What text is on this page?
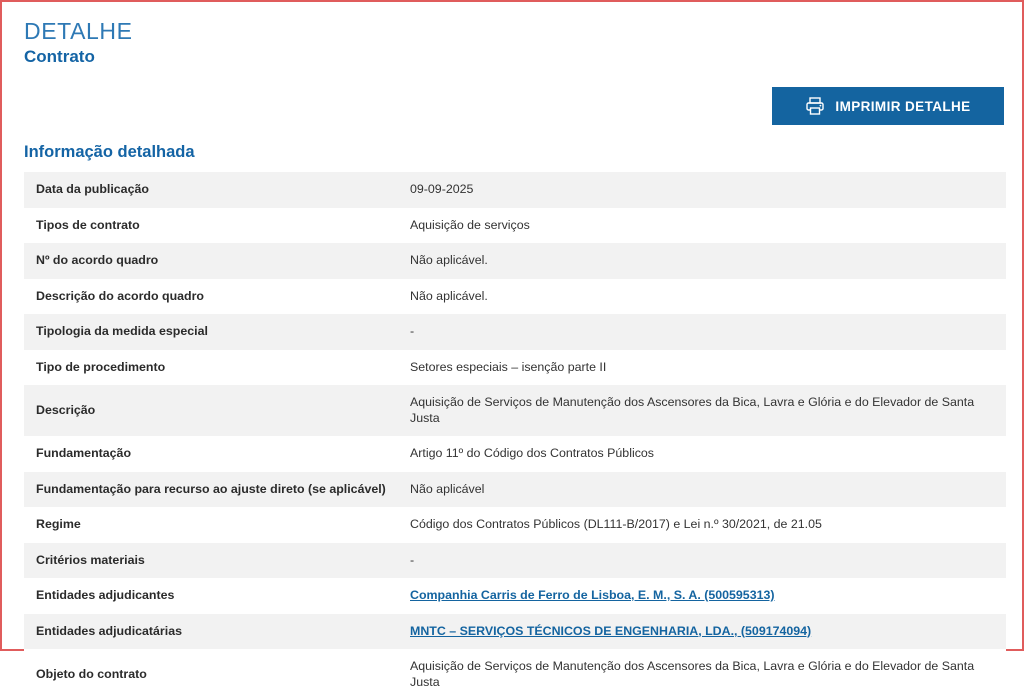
DETALHE
Contrato
IMPRIMIR DETALHE
Informação detalhada
Data da publicação	09-09-2025
Tipos de contrato	Aquisição de serviços
Nº do acordo quadro	Não aplicável.
Descrição do acordo quadro	Não aplicável.
Tipologia da medida especial	-
Tipo de procedimento	Setores especiais – isenção parte II
Descrição	Aquisição de Serviços de Manutenção dos Ascensores da Bica, Lavra e Glória e do Elevador de Santa Justa
Fundamentação	Artigo 11º do Código dos Contratos Públicos
Fundamentação para recurso ao ajuste direto (se aplicável)	Não aplicável
Regime	Código dos Contratos Públicos (DL111-B/2017) e Lei n.º 30/2021, de 21.05
Critérios materiais	-
Entidades adjudicantes	Companhia Carris de Ferro de Lisboa, E. M., S. A. (500595313)
Entidades adjudicatárias	MNTC – SERVIÇOS TÉCNICOS DE ENGENHARIA, LDA., (509174094)
Objeto do contrato	Aquisição de Serviços de Manutenção dos Ascensores da Bica, Lavra e Glória e do Elevador de Santa Justa
